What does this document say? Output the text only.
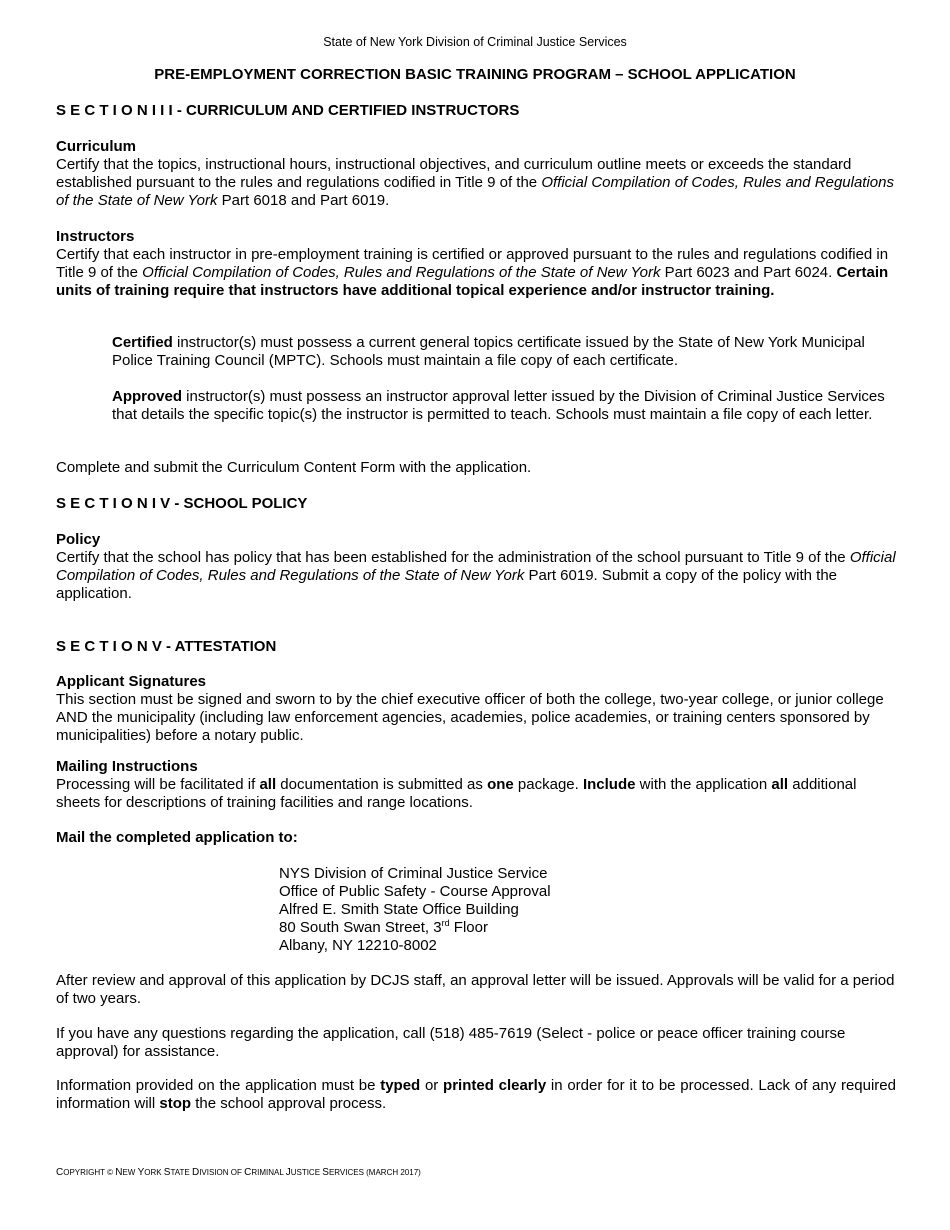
State of New York Division of Criminal Justice Services
PRE-EMPLOYMENT CORRECTION BASIC TRAINING PROGRAM – SCHOOL APPLICATION
S E C T I O N I I I - CURRICULUM AND CERTIFIED INSTRUCTORS
Curriculum

Certify that the topics, instructional hours, instructional objectives, and curriculum outline meets or exceeds the standard established pursuant to the rules and regulations codified in Title 9 of the Official Compilation of Codes, Rules and Regulations of the State of New York Part 6018 and Part 6019.

Instructors

Certify that each instructor in pre-employment training is certified or approved pursuant to the rules and regulations codified in Title 9 of the Official Compilation of Codes, Rules and Regulations of the State of New York Part 6023 and Part 6024. Certain units of training require that instructors have additional topical experience and/or instructor training.

Certified instructor(s) must possess a current general topics certificate issued by the State of New York Municipal Police Training Council (MPTC). Schools must maintain a file copy of each certificate.

Approved instructor(s) must possess an instructor approval letter issued by the Division of Criminal Justice Services that details the specific topic(s) the instructor is permitted to teach. Schools must maintain a file copy of each letter.

Complete and submit the Curriculum Content Form with the application.
S E C T I O N I V - SCHOOL POLICY
Policy

Certify that the school has policy that has been established for the administration of the school pursuant to Title 9 of the Official Compilation of Codes, Rules and Regulations of the State of New York Part 6019. Submit a copy of the policy with the application.

S E C T I O N V - ATTESTATION
Applicant Signatures

This section must be signed and sworn to by the chief executive officer of both the college, two-year college, or junior college AND the municipality (including law enforcement agencies, academies, police academies, or training centers sponsored by municipalities) before a notary public.

Mailing Instructions

Processing will be facilitated if all documentation is submitted as one package. Include with the application all additional sheets for descriptions of training facilities and range locations.

Mail the completed application to:
NYS Division of Criminal Justice Service
Office of Public Safety - Course Approval
Alfred E. Smith State Office Building
80 South Swan Street, 3rd Floor
Albany, NY 12210-8002
After review and approval of this application by DCJS staff, an approval letter will be issued. Approvals will be valid for a period of two years.
If you have any questions regarding the application, call (518) 485-7619 (Select - police or peace officer training course approval) for assistance.

Information provided on the application must be typed or printed clearly in order for it to be processed. Lack of any required information will stop the school approval process.

COPYRIGHT © NEW YORK STATE DIVISION OF CRIMINAL JUSTICE SERVICES (MARCH 2017)
